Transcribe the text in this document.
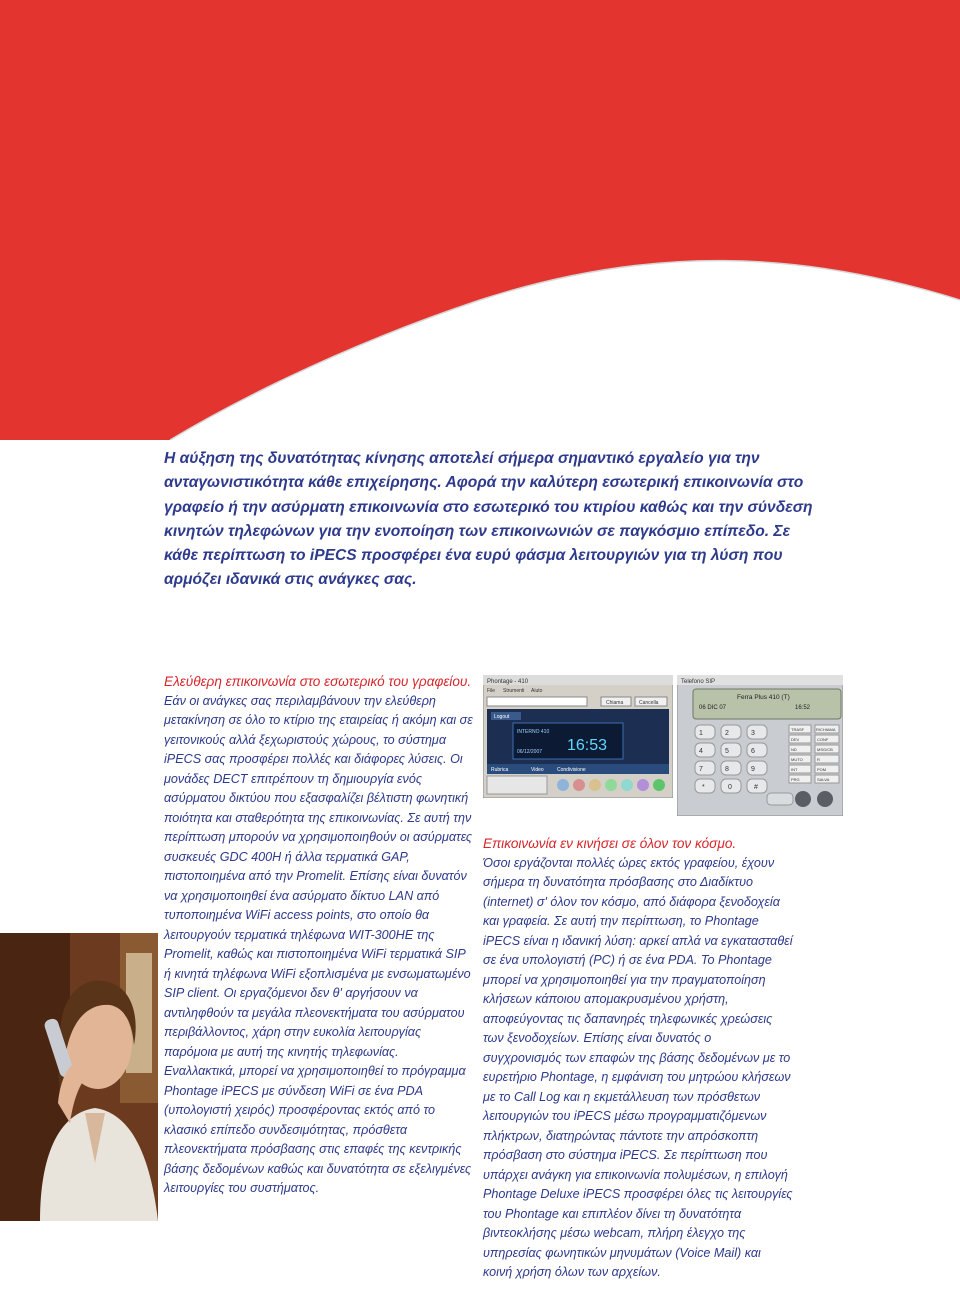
Η αύξηση της δυνατότητας κίνησης αποτελεί σήμερα σημαντικό εργαλείο για την ανταγωνιστικότητα κάθε επιχείρησης. Αφορά την καλύτερη εσωτερική επικοινωνία στο γραφείο ή την ασύρματη επικοινωνία στο εσωτερικό του κτιρίου καθώς και την σύνδεση κινητών τηλεφώνων για την ενοποίηση των επικοινωνιών σε παγκόσμιο επίπεδο. Σε κάθε περίπτωση το iPECS προσφέρει ένα ευρύ φάσμα λειτουργιών για τη λύση που αρμόζει ιδανικά στις ανάγκες σας.

Ελεύθερη επικοινωνία στο εσωτερικό του γραφείου.

Εάν οι ανάγκες σας περιλαμβάνουν την ελεύθερη μετακίνηση σε όλο το κτίριο της εταιρείας ή ακόμη και σε γειτονικούς αλλά ξεχωριστούς χώρους, το σύστημα iPECS σας προσφέρει πολλές και διάφορες λύσεις. Οι μονάδες DECT επιτρέπουν τη δημιουργία ενός ασύρματου δικτύου που εξασφαλίζει βέλτιστη φωνητική ποιότητα και σταθερότητα της επικοινωνίας. Σε αυτή την περίπτωση μπορούν να χρησιμοποιηθούν οι ασύρματες συσκευές GDC 400H ή άλλα τερματικά GAP, πιστοποιημένα από την Promelit. Επίσης είναι δυνατόν να χρησιμοποιηθεί ένα ασύρματο δίκτυο LAN από τυποποιημένα WiFi access points, στο οποίο θα λειτουργούν τερματικά τηλέφωνα WIT-300HE της Promelit, καθώς και πιστοποιημένα WiFi τερματικά SIP ή κινητά τηλέφωνα WiFi εξοπλισμένα με ενσωματωμένο SIP client. Οι εργαζόμενοι δεν θ' αργήσουν να αντιληφθούν τα μεγάλα πλεονεκτήματα του ασύρματου περιβάλλοντος, χάρη στην ευκολία λειτουργίας παρόμοια με αυτή της κινητής τηλεφωνίας. Εναλλακτικά, μπορεί να χρησιμοποιηθεί το πρόγραμμα Phontage iPECS με σύνδεση WiFi σε ένα PDA (υπολογιστή χειρός) προσφέροντας εκτός από το κλασικό επίπεδο συνδεσιμότητας, πρόσθετα πλεονεκτήματα πρόσβασης στις επαφές της κεντρικής βάσης δεδομένων καθώς και δυνατότητα σε εξελιγμένες λειτουργίες του συστήματος.

Phontage - 410
File Strumenti Aiuto
Chiama	Cancella
Logout
INTERNO 410
06/12/2007 16:53
Rubrica	Video	Condivisione
Telefono SIP
Ferra Plus 410 (T)
06 DIC 07	16:52
1	2	3
4	5	6
7	8	9
*	0	#
TRASF
DEV
ND
MUTO
INT
PRG
RICHIAMA
CONF
MSG/CB
R
POM
SALVA

Επικοινωνία εν κινήσει σε όλον τον κόσμο.

Όσοι εργάζονται πολλές ώρες εκτός γραφείου, έχουν σήμερα τη δυνατότητα πρόσβασης στο Διαδίκτυο (internet) σ' όλον τον κόσμο, από διάφορα ξενοδοχεία και γραφεία. Σε αυτή την περίπτωση, το Phontage iPECS είναι η ιδανική λύση: αρκεί απλά να εγκατασταθεί σε ένα υπολογιστή (PC) ή σε ένα PDA. Το Phontage μπορεί να χρησιμοποιηθεί για την πραγματοποίηση κλήσεων κάποιου απομακρυσμένου χρήστη, αποφεύγοντας τις δαπανηρές τηλεφωνικές χρεώσεις των ξενοδοχείων. Επίσης είναι δυνατός ο συγχρονισμός των επαφών της βάσης δεδομένων με το ευρετήριο Phontage, η εμφάνιση του μητρώου κλήσεων με το Call Log και η εκμετάλλευση των πρόσθετων λειτουργιών του iPECS μέσω προγραμματιζόμενων πλήκτρων, διατηρώντας πάντοτε την απρόσκοπτη πρόσβαση στο σύστημα iPECS. Σε περίπτωση που υπάρχει ανάγκη για επικοινωνία πολυμέσων, η επιλογή Phontage Deluxe iPECS προσφέρει όλες τις λειτουργίες του Phontage και επιπλέον δίνει τη δυνατότητα βιντεοκλήσης μέσω webcam, πλήρη έλεγχο της υπηρεσίας φωνητικών μηνυμάτων (Voice Mail) και κοινή χρήση όλων των αρχείων.
